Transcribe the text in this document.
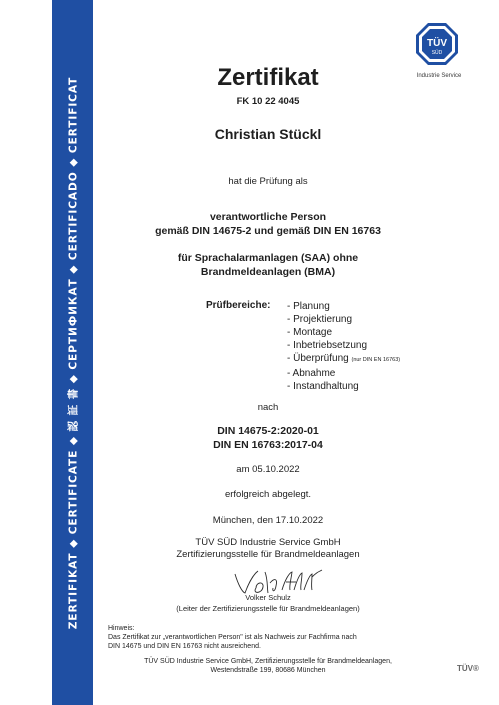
ZERTIFIKAT ◆ CERTIFICATE ◆ 認 証 書 ◆ СЕРТИФИКАТ ◆ CERTIFICADO ◆ CERTIFICAT
TÜV
SÜD
Industrie Service
Zertifikat
FK 10 22 4045
Christian Stückl
hat die Prüfung als
verantwortliche Person
gemäß DIN 14675-2 und gemäß DIN EN 16763
für Sprachalarmanlagen (SAA) ohne
Brandmeldeanlagen (BMA)
Prüfbereiche: - Planung
- Projektierung
- Montage
- Inbetriebsetzung
- Überprüfung (nur DIN EN 16763)
- Abnahme
- Instandhaltung
nach
DIN 14675-2:2020-01
DIN EN 16763:2017-04
am 05.10.2022
erfolgreich abgelegt.
München, den 17.10.2022
TÜV SÜD Industrie Service GmbH
Zertifizierungsstelle für Brandmeldeanlagen
Volker Schulz
(Leiter der Zertifizierungsstelle für Brandmeldeanlagen)
Hinweis:
Das Zertifikat zur „verantwortlichen Person" ist als Nachweis zur Fachfirma nach
DIN 14675 und DIN EN 16763 nicht ausreichend.
TÜV SÜD Industrie Service GmbH, Zertifizierungsstelle für Brandmeldeanlagen,
Westendstraße 199, 80686 München	TÜV®
